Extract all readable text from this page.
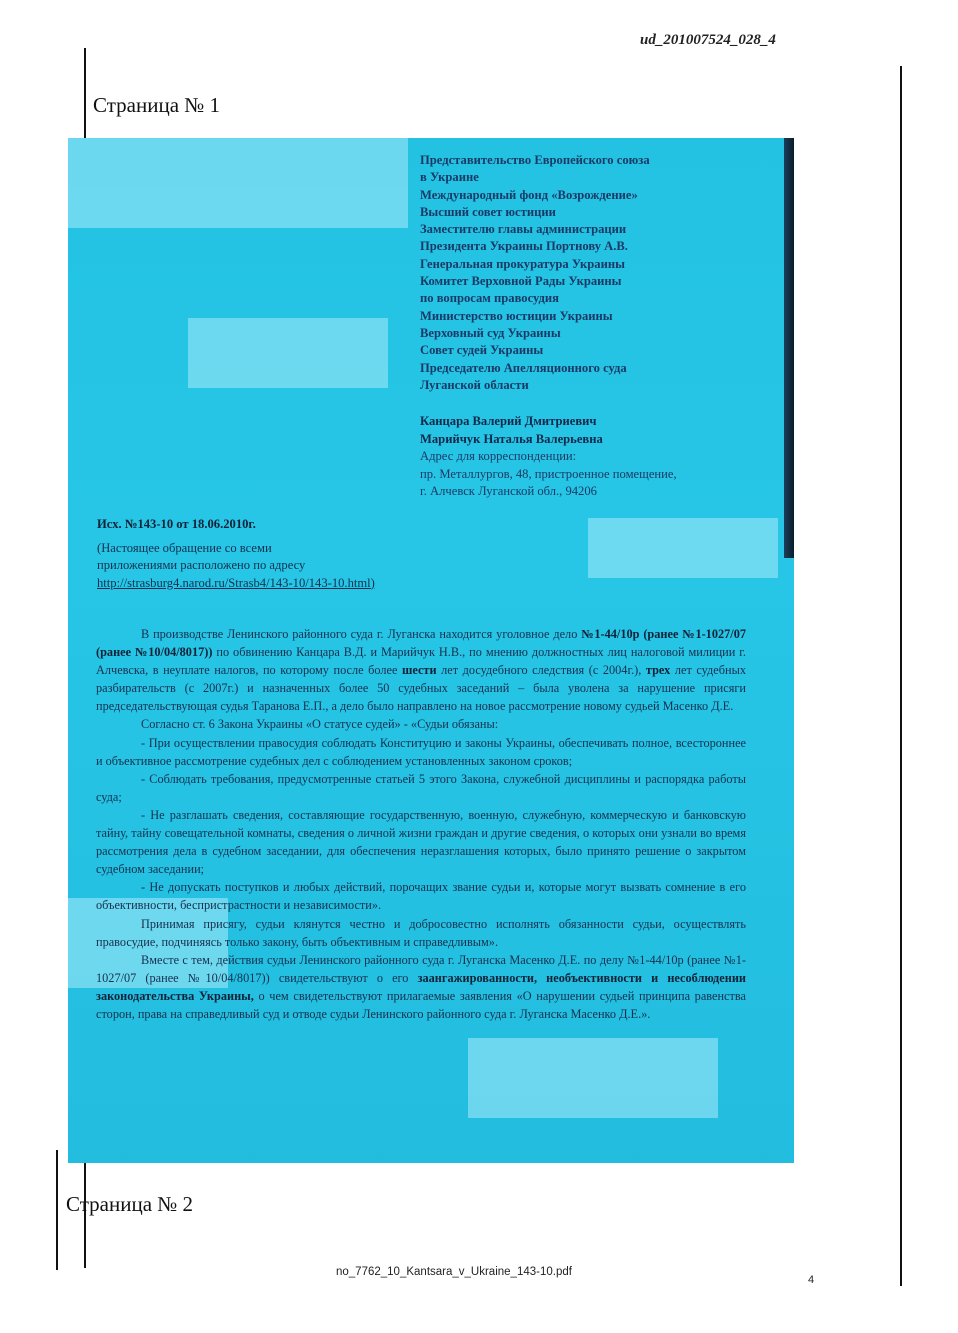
ud_201007524_028_4
Страница № 1
Представительство Европейского союза
в Украине
Международный фонд «Возрождение»
Высший совет юстиции
Заместителю главы администрации
Президента Украины Портнову А.В.
Генеральная прокуратура Украины
Комитет Верховной Рады Украины
по вопросам правосудия
Министерство юстиции Украины
Верховный суд Украины
Совет судей Украины
Председателю Апелляционного суда
Луганской области
Канцара Валерий Дмитриевич
Марийчук Наталья Валерьевна
Адрес для корреспонденции:
пр. Металлургов, 48, пристроенное помещение,
г. Алчевск Луганской обл., 94206
Исх. №143-10 от 18.06.2010г.
(Настоящее обращение со всеми
приложениями расположено по адресу
http://strasburg4.narod.ru/Strasb4/143-10/143-10.html)

В производстве Ленинского районного суда г. Луганска находится уголовное дело №1-44/10р (ранее №1-1027/07 (ранее №10/04/8017)) по обвинению Канцара В.Д. и Марийчук Н.В., по мнению должностных лиц налоговой милиции г. Алчевска, в неуплате налогов, по которому после более шести лет досудебного следствия (с 2004г.), трех лет судебных разбирательств (с 2007г.) и назначенных более 50 судебных заседаний – была уволена за нарушение присяги председательствующая судья Таранова Е.П., а дело было направлено на новое рассмотрение новому судьей Масенко Д.Е.

Согласно ст. 6 Закона Украины «О статусе судей» - «Судьи обязаны:

- При осуществлении правосудия соблюдать Конституцию и законы Украины, обеспечивать полное, всестороннее и объективное рассмотрение судебных дел с соблюдением установленных законом сроков;

- Соблюдать требования, предусмотренные статьей 5 этого Закона, служебной дисциплины и распорядка работы суда;

- Не разглашать сведения, составляющие государственную, военную, служебную, коммерческую и банковскую тайну, тайну совещательной комнаты, сведения о личной жизни граждан и другие сведения, о которых они узнали во время рассмотрения дела в судебном заседании, для обеспечения неразглашения которых, было принято решение о закрытом судебном заседании;

- Не допускать поступков и любых действий, порочащих звание судьи и, которые могут вызвать сомнение в его объективности, беспристрастности и независимости».

Принимая присягу, судьи клянутся честно и добросовестно исполнять обязанности судьи, осуществлять правосудие, подчиняясь только закону, быть объективным и справедливым».

Вместе с тем, действия судьи Ленинского районного суда г. Луганска Масенко Д.Е. по делу №1-44/10р (ранее №1-1027/07 (ранее №10/04/8017)) свидетельствуют о его заангажированности, необъективности и несоблюдении законодательства Украины, о чем свидетельствуют прилагаемые заявления «О нарушении судьей принципа равенства сторон, права на справедливый суд и отводе судьи Ленинского районного суда г. Луганска Масенко Д.Е.».

Страница № 2
no_7762_10_Kantsara_v_Ukraine_143-10.pdf
4
